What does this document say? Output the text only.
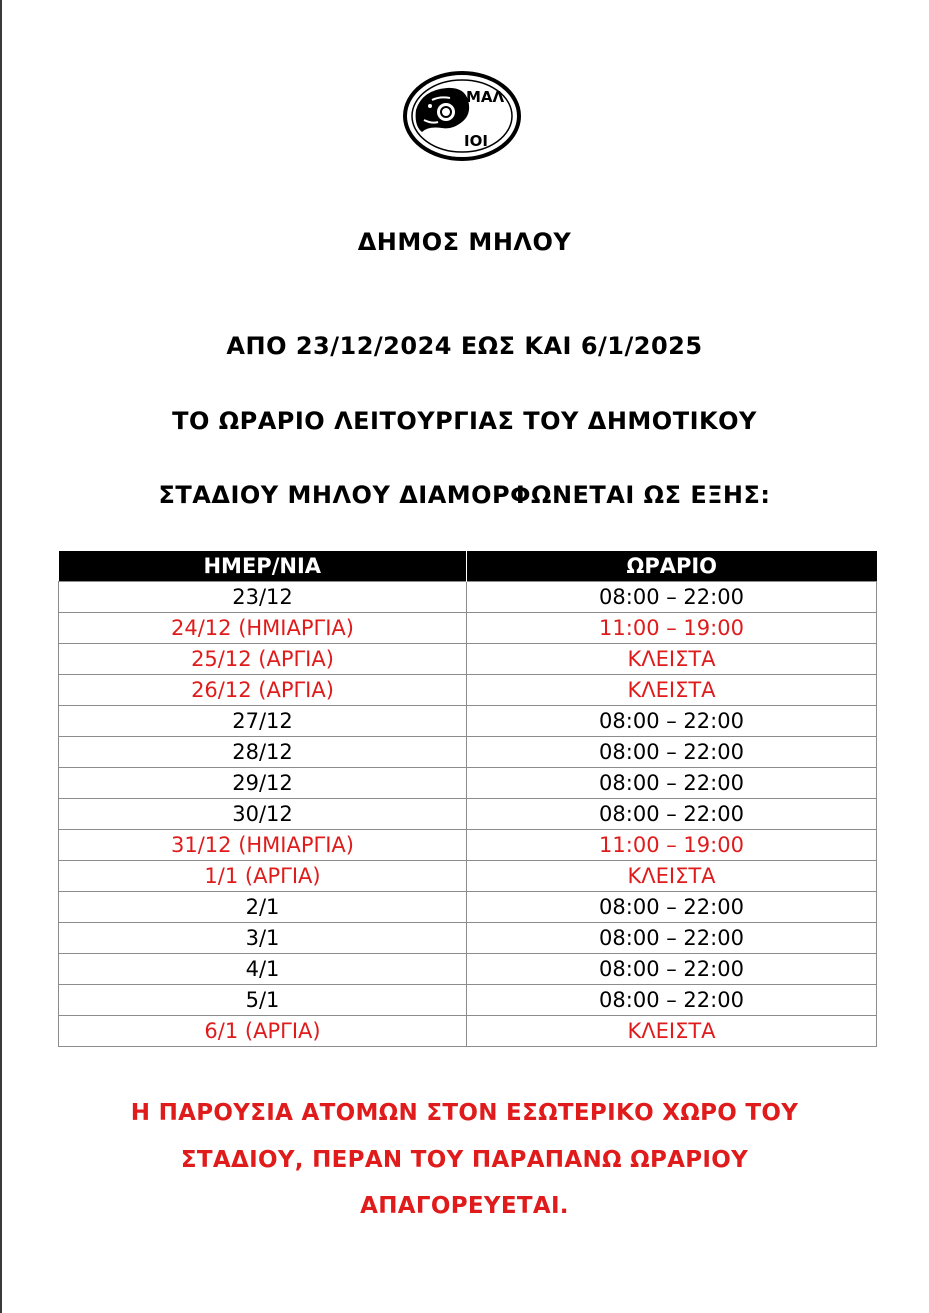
ΜΑΛ
ΙΟΙ
ΔΗΜΟΣ ΜΗΛΟΥ
ΑΠΟ 23/12/2024 ΕΩΣ ΚΑΙ 6/1/2025
ΤΟ ΩΡΑΡΙΟ ΛΕΙΤΟΥΡΓΙΑΣ ΤΟΥ ΔΗΜΟΤΙΚΟΥ
ΣΤΑΔΙΟΥ ΜΗΛΟΥ ΔΙΑΜΟΡΦΩΝΕΤΑΙ ΩΣ ΕΞΗΣ:
ΗΜΕΡ/ΝΙΑ	ΩΡΑΡΙΟ
23/12	08:00 – 22:00
24/12 (ΗΜΙΑΡΓΙΑ)	11:00 – 19:00
25/12 (ΑΡΓΙΑ)	ΚΛΕΙΣΤΑ
26/12 (ΑΡΓΙΑ)	ΚΛΕΙΣΤΑ
27/12	08:00 – 22:00
28/12	08:00 – 22:00
29/12	08:00 – 22:00
30/12	08:00 – 22:00
31/12 (ΗΜΙΑΡΓΙΑ)	11:00 – 19:00
1/1 (ΑΡΓΙΑ)	ΚΛΕΙΣΤΑ
2/1	08:00 – 22:00
3/1	08:00 – 22:00
4/1	08:00 – 22:00
5/1	08:00 – 22:00
6/1 (ΑΡΓΙΑ)	ΚΛΕΙΣΤΑ
Η ΠΑΡΟΥΣΙΑ ΑΤΟΜΩΝ ΣΤΟΝ ΕΣΩΤΕΡΙΚΟ ΧΩΡΟ ΤΟΥ
ΣΤΑΔΙΟΥ, ΠΕΡΑΝ ΤΟΥ ΠΑΡΑΠΑΝΩ ΩΡΑΡΙΟΥ
ΑΠΑΓΟΡΕΥΕΤΑΙ.
